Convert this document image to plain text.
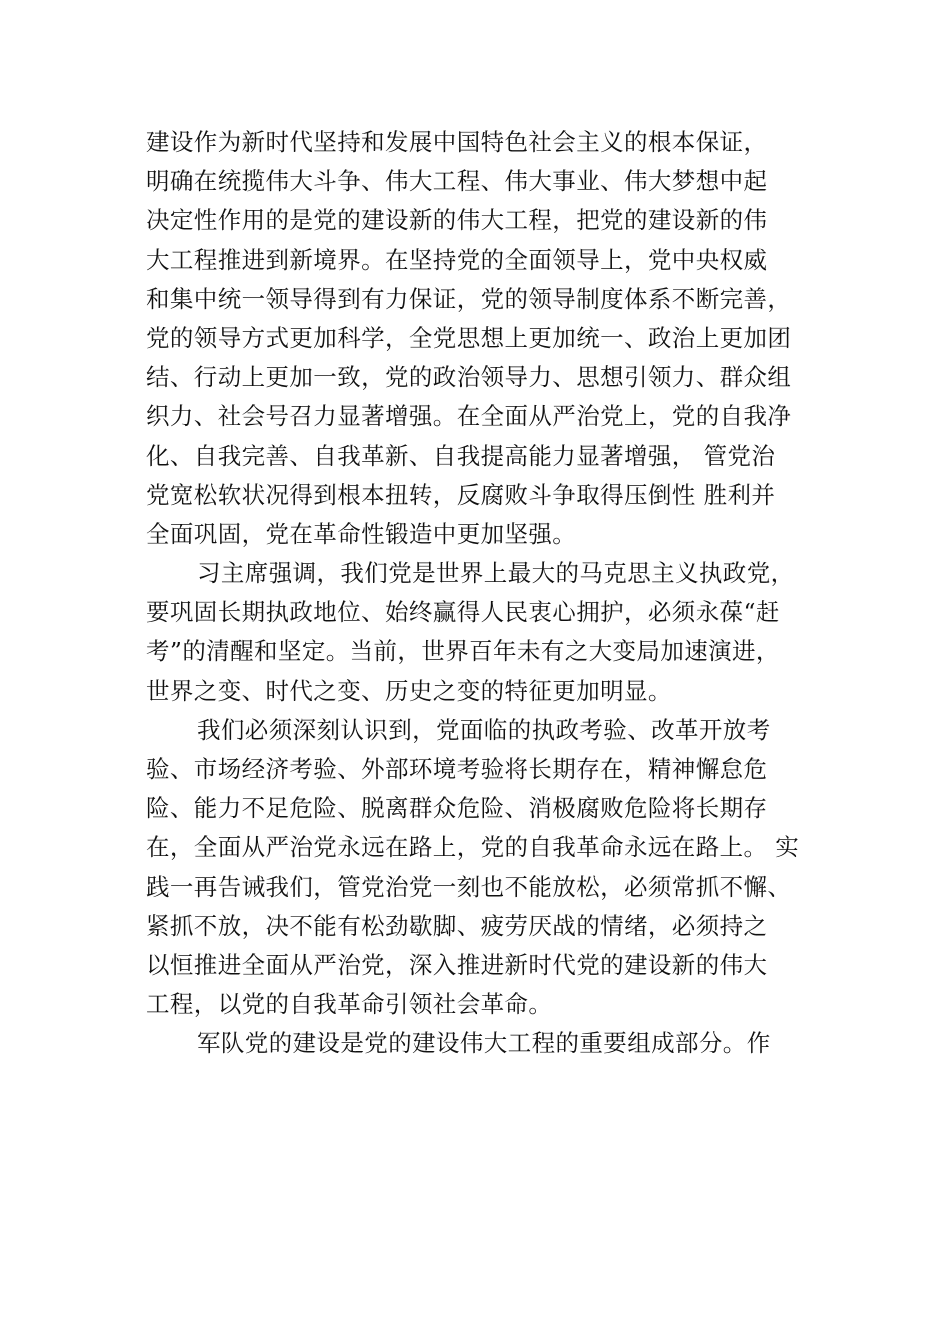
建设作为新时代坚持和发展中国特色社会主义的根本保证，
明确在统揽伟大斗争、伟大工程、伟大事业、伟大梦想中起
决定性作用的是党的建设新的伟大工程，把党的建设新的伟
大工程推进到新境界。在坚持党的全面领导上，党中央权威
和集中统一领导得到有力保证，党的领导制度体系不断完善，
党的领导方式更加科学，全党思想上更加统一、政治上更加团
结、行动上更加一致，党的政治领导力、思想引领力、群众组
织力、社会号召力显著增强。在全面从严治党上，党的自我净
化、自我完善、自我革新、自我提高能力显著增强， 管党治
党宽松软状况得到根本扭转，反腐败斗争取得压倒性 胜利并
全面巩固，党在革命性锻造中更加坚强。
习主席强调，我们党是世界上最大的马克思主义执政党，
要巩固长期执政地位、始终赢得人民衷心拥护，必须永葆“赶
考”的清醒和坚定。当前，世界百年未有之大变局加速演进，
世界之变、时代之变、历史之变的特征更加明显。
我们必须深刻认识到，党面临的执政考验、改革开放考
验、市场经济考验、外部环境考验将长期存在，精神懈怠危
险、能力不足危险、脱离群众危险、消极腐败危险将长期存
在，全面从严治党永远在路上，党的自我革命永远在路上。 实
践一再告诫我们，管党治党一刻也不能放松，必须常抓不懈、
紧抓不放，决不能有松劲歇脚、疲劳厌战的情绪，必须持之
以恒推进全面从严治党，深入推进新时代党的建设新的伟大
工程，以党的自我革命引领社会革命。
军队党的建设是党的建设伟大工程的重要组成部分。作
